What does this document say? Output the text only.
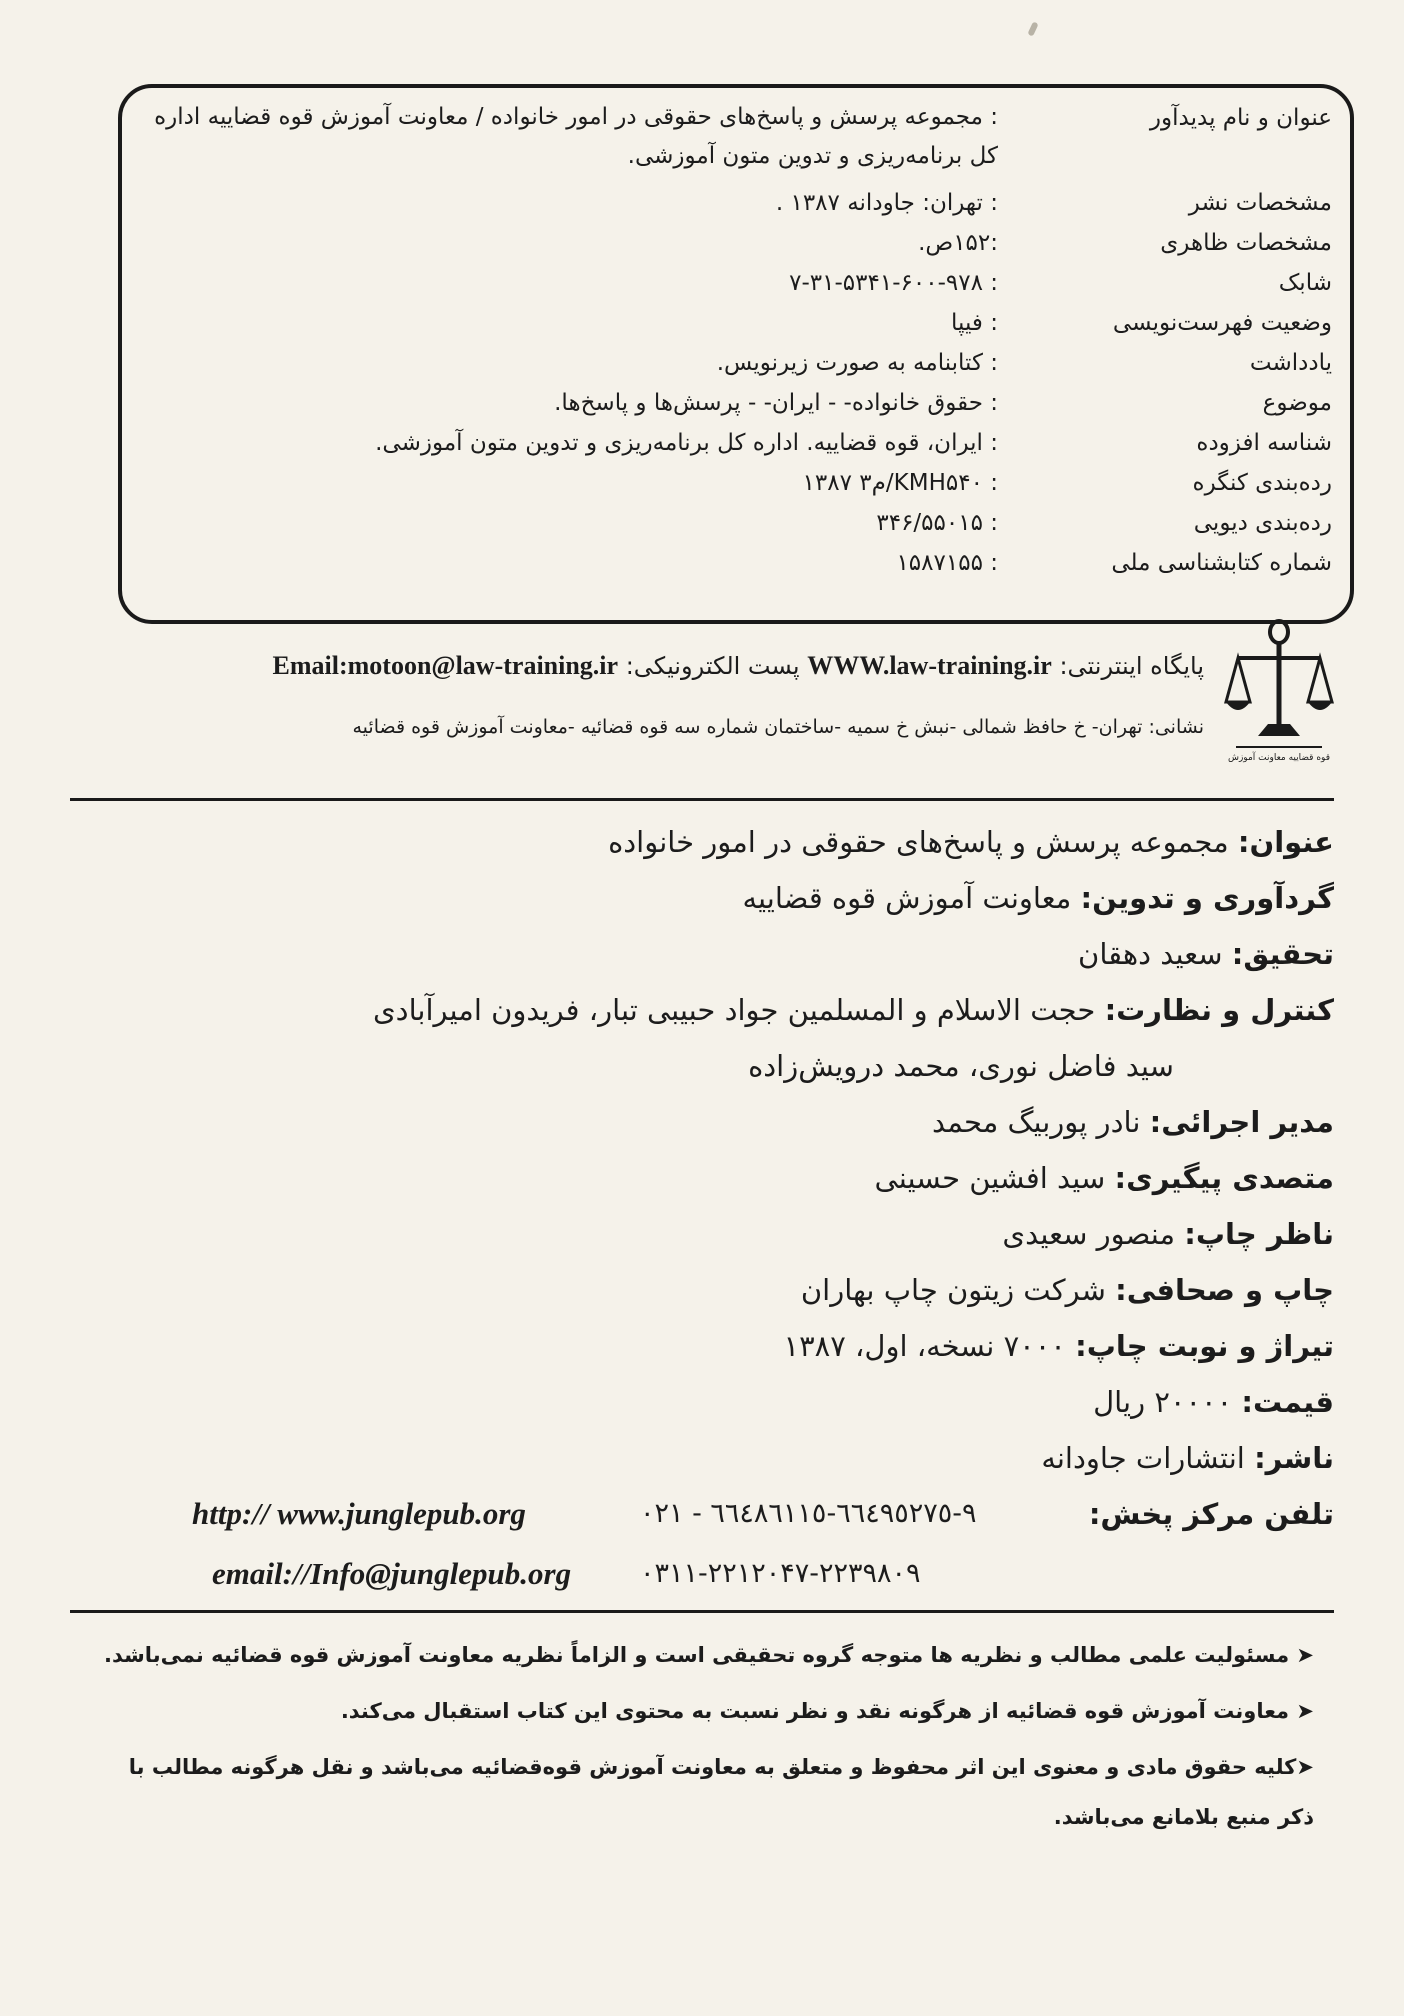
عنوان و نام پدیدآور
: مجموعه پرسش و پاسخ‌های حقوقی در امور خانواده / معاونت آموزش قوه قضاییه اداره کل برنامه‌ریزی و تدوین متون آموزشی.
مشخصات نشر
: تهران: جاودانه ۱۳۸۷ .
مشخصات ظاهری
:۱۵۲ص.
شابک
: ۷-۳۱-۵۳۴۱-۶۰۰-۹۷۸
وضعیت فهرست‌نویسی
: فیپا
یادداشت
: کتابنامه به صورت زیرنویس.
موضوع
: حقوق خانواده- - ایران- - پرسش‌ها و پاسخ‌ها.
شناسه افزوده
: ایران، قوه قضاییه. اداره کل برنامه‌ریزی و تدوین متون آموزشی.
رده‌بندی کنگره
: KMH۵۴۰/م۳ ۱۳۸۷
رده‌بندی دیویی
: ۳۴۶/۵۵۰۱۵
شماره کتابشناسی ملی
: ۱۵۸۷۱۵۵
قوه قضاییه معاونت آموزش
پایگاه اینترنتی: WWW.law-training.ir پست الکترونیکی: Email:motoon@law-training.ir
نشانی: تهران- خ حافظ شمالی -نبش خ سمیه -ساختمان شماره سه قوه قضائیه -معاونت آموزش قوه قضائیه
عنوان: مجموعه پرسش و پاسخ‌های حقوقی در امور خانواده
گردآوری و تدوین: معاونت آموزش قوه قضاییه
تحقیق: سعید دهقان
کنترل و نظارت: حجت الاسلام و المسلمین جواد حبیبی تبار، فریدون امیرآبادی
سید فاضل نوری، محمد درویش‌زاده
مدیر اجرائی: نادر پوربیگ محمد
متصدی پیگیری: سید افشین حسینی
ناظر چاپ: منصور سعیدی
چاپ و صحافی: شرکت زیتون چاپ بهاران
تیراژ و نوبت چاپ: ۷۰۰۰ نسخه، اول، ۱۳۸۷
قیمت: ۲۰۰۰۰ ریال
ناشر: انتشارات جاودانه
تلفن مرکز پخش:
۰۲۱ - ٦٦٤٩٥٢٧٥-٦٦٤٨٦١١٥-۹
http:// www.junglepub.org
۰۳۱۱-۲۲۱۲۰۴۷-۲۲۳۹۸۰۹
email://Info@junglepub.org
➤ مسئولیت علمی مطالب و نظریه ها متوجه گروه تحقیقی است و الزاماً نظریه معاونت آموزش قوه قضائیه نمی‌باشد.
➤ معاونت آموزش قوه قضائیه از هرگونه نقد و نظر نسبت به محتوی این کتاب استقبال می‌کند.
➤کلیه حقوق مادی و معنوی این اثر محفوظ و متعلق به معاونت آموزش قوه‌قضائیه می‌باشد و نقل هرگونه مطالب با ذکر منبع بلامانع می‌باشد.
